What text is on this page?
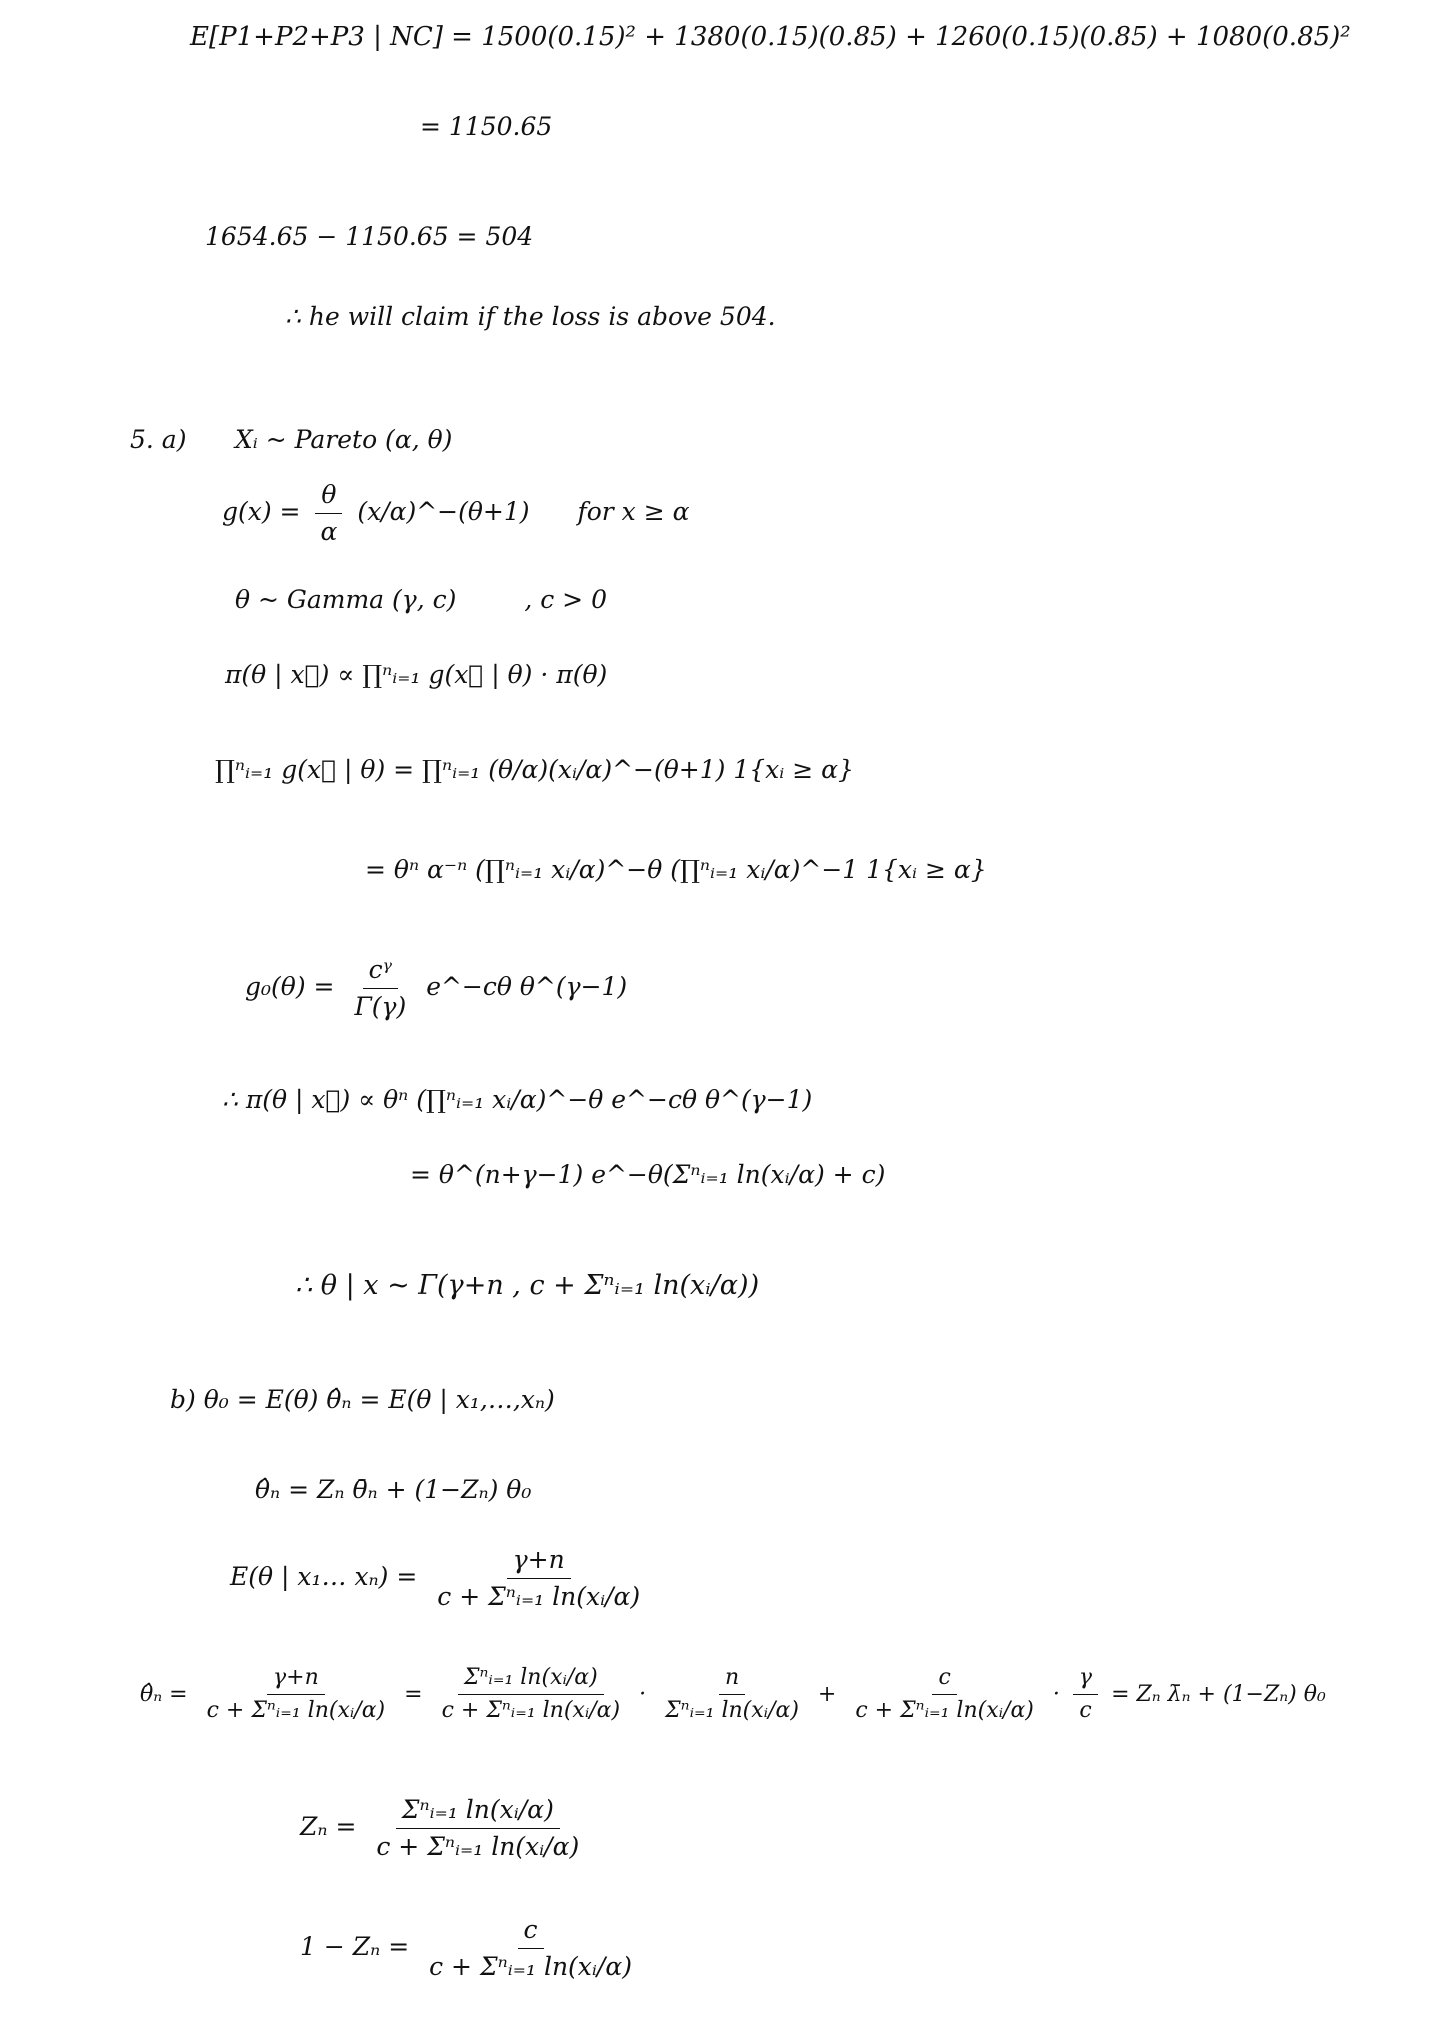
E[P1+P2+P3 | NC] = 1500(0.15)² + 1380(0.15)(0.85) + 1260(0.15)(0.85) + 1080(0.85)²
= 1150.65
1654.65 − 1150.65 = 504
∴ he will claim if the loss is above 504.
5. a) Xᵢ ~ Pareto (α, θ)
$g(x) = \frac{\theta}{\alpha}$ (x/α)^−(θ+1) for x ≥ α
θ ~ Gamma (γ, c)	, c > 0
π(θ | x⃗) ∝ ∏ⁿᵢ₌₁ g(x⃗ | θ) · π(θ)
∏ⁿᵢ₌₁ g(x⃗ | θ) = ∏ⁿᵢ₌₁ (θ/α)(xᵢ/α)^−(θ+1) 1{xᵢ ≥ α}
= θⁿ α⁻ⁿ (∏ⁿᵢ₌₁ xᵢ/α)^−θ (∏ⁿᵢ₌₁ xᵢ/α)^−1 1{xᵢ ≥ α}
$g_0(\theta) = \frac{\text{cᵞ}}{\Gamma(\gamma)}$ e^−cθ θ^(γ−1)
∴ π(θ | x⃗) ∝ θⁿ (∏ⁿᵢ₌₁ xᵢ/α)^−θ e^−cθ θ^(γ−1)
= θ^(n+γ−1) e^−θ(Σⁿᵢ₌₁ ln(xᵢ/α) + c)
∴ θ | x ~ Γ(γ+n , c + Σⁿᵢ₌₁ ln(xᵢ/α))
b) θ₀ = E(θ) θ̂ₙ = E(θ | x₁,…,xₙ)
θ̂ₙ = Zₙ θ̄ₙ + (1−Zₙ) θ₀
E(θ | x₁… $x_n) = \frac{\gamma+n}{\text{c + Σⁿᵢ₌₁ ln(xᵢ/α)}}$
θ̂ₙ = $\frac{\gamma+n}{\text{c + Σⁿᵢ₌₁ ln(xᵢ/α)}} = \frac{\text{Σⁿᵢ₌₁ ln(xᵢ/α)}}{\text{c + Σⁿᵢ₌₁ ln(xᵢ/α)}} \cdot \frac{n}{\text{Σⁿᵢ₌₁ ln(xᵢ/α)}} + \frac{c}{\text{c + Σⁿᵢ₌₁ ln(xᵢ/α)}} \cdot \frac{\gamma}{c} = Z_n$ λ̄ₙ + (1−Zₙ) θ₀
$Z_n = \frac{\text{Σⁿᵢ₌₁ ln(xᵢ/α)}}{\text{c + Σⁿᵢ₌₁ ln(xᵢ/α)}}$
$1 - Z_n = \frac{c}{\text{c + Σⁿᵢ₌₁ ln(xᵢ/α)}}$
